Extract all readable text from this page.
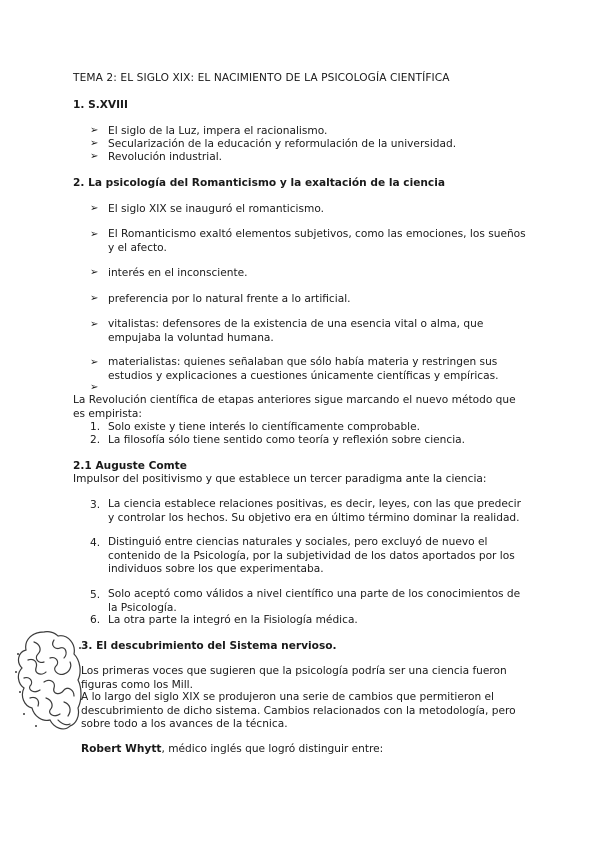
TEMA 2: EL SIGLO XIX: EL NACIMIENTO DE LA PSICOLOGÍA CIENTÍFICA
1. S.XVIII
➢ El siglo de la Luz, impera el racionalismo.
➢ Secularización de la educación y reformulación de la universidad.
➢ Revolución industrial.
2. La psicología del Romanticismo y la exaltación de la ciencia
➢ El siglo XIX se inauguró el romanticismo.
➢ El Romanticismo exaltó elementos subjetivos, como las emociones, los sueños y el afecto.
➢ interés en el inconsciente.
➢ preferencia por lo natural frente a lo artificial.
➢ vitalistas: defensores de la existencia de una esencia vital o alma, que empujaba la voluntad humana.
➢ materialistas: quienes señalaban que sólo había materia y restringen sus estudios y explicaciones a cuestiones únicamente científicas y empíricas.
➢
La Revolución científica de etapas anteriores sigue marcando el nuevo método que es empirista:
1. Solo existe y tiene interés lo científicamente comprobable.
2. La filosofía sólo tiene sentido como teoría y reflexión sobre ciencia.
2.1 Auguste Comte
Impulsor del positivismo y que establece un tercer paradigma ante la ciencia:
3. La ciencia establece relaciones positivas, es decir, leyes, con las que predecir y controlar los hechos. Su objetivo era en último término dominar la realidad.
4. Distinguió entre ciencias naturales y sociales, pero excluyó de nuevo el contenido de la Psicología, por la subjetividad de los datos aportados por los individuos sobre los que experimentaba.
5. Solo aceptó como válidos a nivel científico una parte de los conocimientos de la Psicología.
6. La otra parte la integró en la Fisiología médica.
3. El descubrimiento del Sistema nervioso.
Los primeras voces que sugieren que la psicología podría ser una ciencia fueron figuras como los Mill.
A lo largo del siglo XIX se produjeron una serie de cambios que permitieron el descubrimiento de dicho sistema. Cambios relacionados con la metodología, pero sobre todo a los avances de la técnica.
Robert Whytt, médico inglés que logró distinguir entre:
